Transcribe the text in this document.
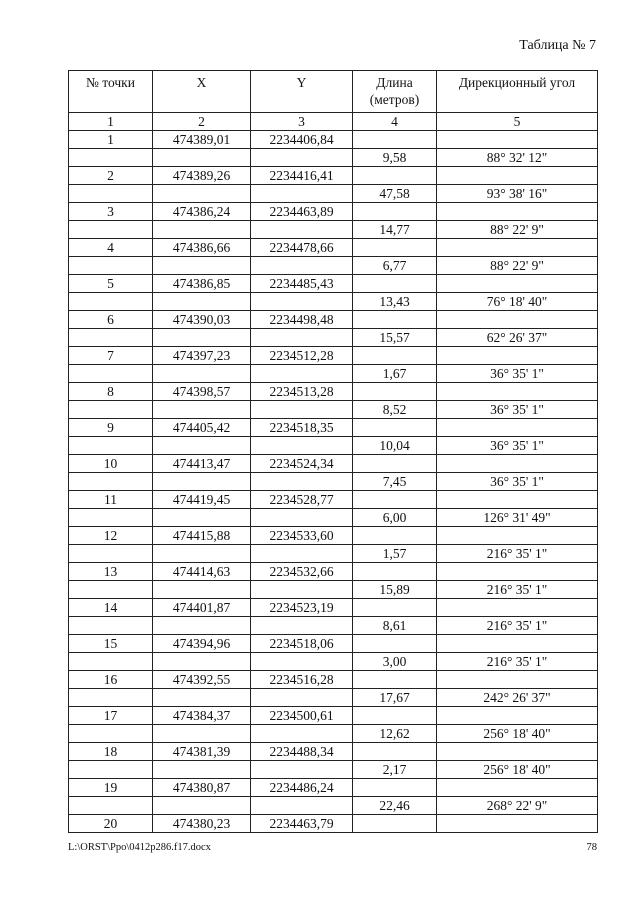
Таблица № 7
№ точки	X	Y	Длина (метров)	Дирекционный угол
1	2	3	4	5
1	474389,01	2234406,84		
			9,58	88° 32' 12"
2	474389,26	2234416,41		
			47,58	93° 38' 16"
3	474386,24	2234463,89		
			14,77	88° 22' 9"
4	474386,66	2234478,66		
			6,77	88° 22' 9"
5	474386,85	2234485,43		
			13,43	76° 18' 40"
6	474390,03	2234498,48		
			15,57	62° 26' 37"
7	474397,23	2234512,28		
			1,67	36° 35' 1"
8	474398,57	2234513,28		
			8,52	36° 35' 1"
9	474405,42	2234518,35		
			10,04	36° 35' 1"
10	474413,47	2234524,34		
			7,45	36° 35' 1"
11	474419,45	2234528,77		
			6,00	126° 31' 49"
12	474415,88	2234533,60		
			1,57	216° 35' 1"
13	474414,63	2234532,66		
			15,89	216° 35' 1"
14	474401,87	2234523,19		
			8,61	216° 35' 1"
15	474394,96	2234518,06		
			3,00	216° 35' 1"
16	474392,55	2234516,28		
			17,67	242° 26' 37"
17	474384,37	2234500,61		
			12,62	256° 18' 40"
18	474381,39	2234488,34		
			2,17	256° 18' 40"
19	474380,87	2234486,24		
			22,46	268° 22' 9"
20	474380,23	2234463,79		
L:\ORST\Ppo\0412p286.f17.docx	78
